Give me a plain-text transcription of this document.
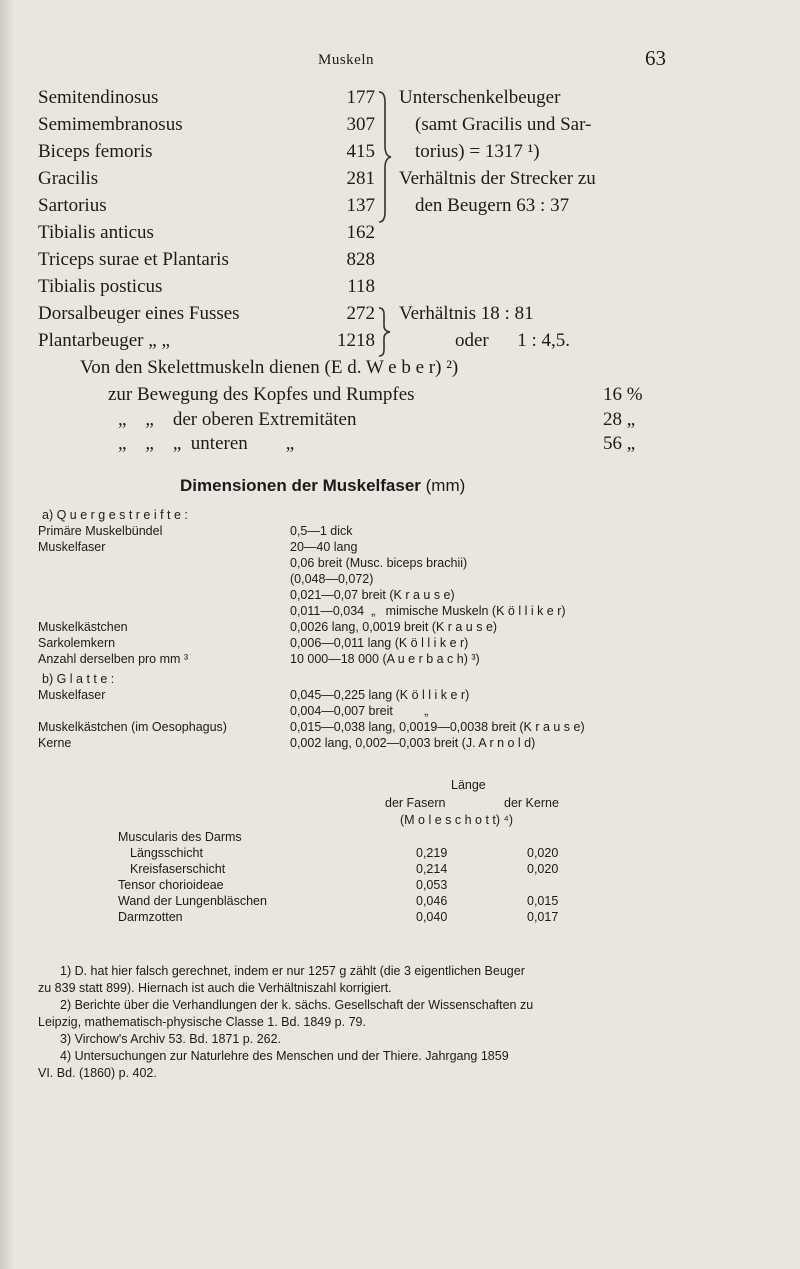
Muskeln	63
Semitendinosus	177
Semimembranosus	307
Biceps femoris	415
Gracilis	281
Sartorius	137
Tibialis anticus	162
Triceps surae et Plantaris	828
Tibialis posticus	118
Dorsalbeuger eines Fusses	272
Plantarbeuger „ „	1218
Unterschenkelbeuger
(samt Gracilis und Sar-
torius) = 1317 ¹)
Verhältnis der Strecker zu
den Beugern 63 : 37
Verhältnis 18 : 81
oder      1 : 4,5.
Von den Skelettmuskeln dienen (E d. W e b e r) ²)
zur Bewegung des Kopfes und Rumpfes	16 %
„    „    der oberen Extremitäten	28 „
„    „    „  unteren        „	56 „
Dimensionen der Muskelfaser (mm)
a) Q u e r g e s t r e i f t e :
Primäre Muskelbündel	0,5—1 dick
Muskelfaser	20—40 lang
0,06 breit (Musc. biceps brachii)
(0,048—0,072)
0,021—0,07 breit (K r a u s e)
0,011—0,034  „   mimische Muskeln (K ö l l i k e r)
Muskelkästchen	0,0026 lang, 0,0019 breit (K r a u s e)
Sarkolemkern	0,006—0,011 lang (K ö l l i k e r)
Anzahl derselben pro mm ³	10 000—18 000 (A u e r b a c h) ³)
b) G l a t t e :
Muskelfaser	0,045—0,225 lang (K ö l l i k e r)
0,004—0,007 breit         „
Muskelkästchen (im Oesophagus)	0,015—0,038 lang, 0,0019—0,0038 breit (K r a u s e)
Kerne	0,002 lang, 0,002—0,003 breit (J. A r n o l d)
Länge
der Fasern	der Kerne
(M o l e s c h o t t) ⁴)
Muscularis des Darms
Längsschicht	0,219	0,020
Kreisfaserschicht	0,214	0,020
Tensor chorioideae	0,053
Wand der Lungenbläschen	0,046	0,015
Darmzotten	0,040	0,017
1) D. hat hier falsch gerechnet, indem er nur 1257 g zählt (die 3 eigentlichen Beuger
zu 839 statt 899). Hiernach ist auch die Verhältniszahl korrigiert.
2) Berichte über die Verhandlungen der k. sächs. Gesellschaft der Wissenschaften zu
Leipzig, mathematisch-physische Classe 1. Bd. 1849 p. 79.
3) Virchow's Archiv 53. Bd. 1871 p. 262.
4) Untersuchungen zur Naturlehre des Menschen und der Thiere. Jahrgang 1859
VI. Bd. (1860) p. 402.
